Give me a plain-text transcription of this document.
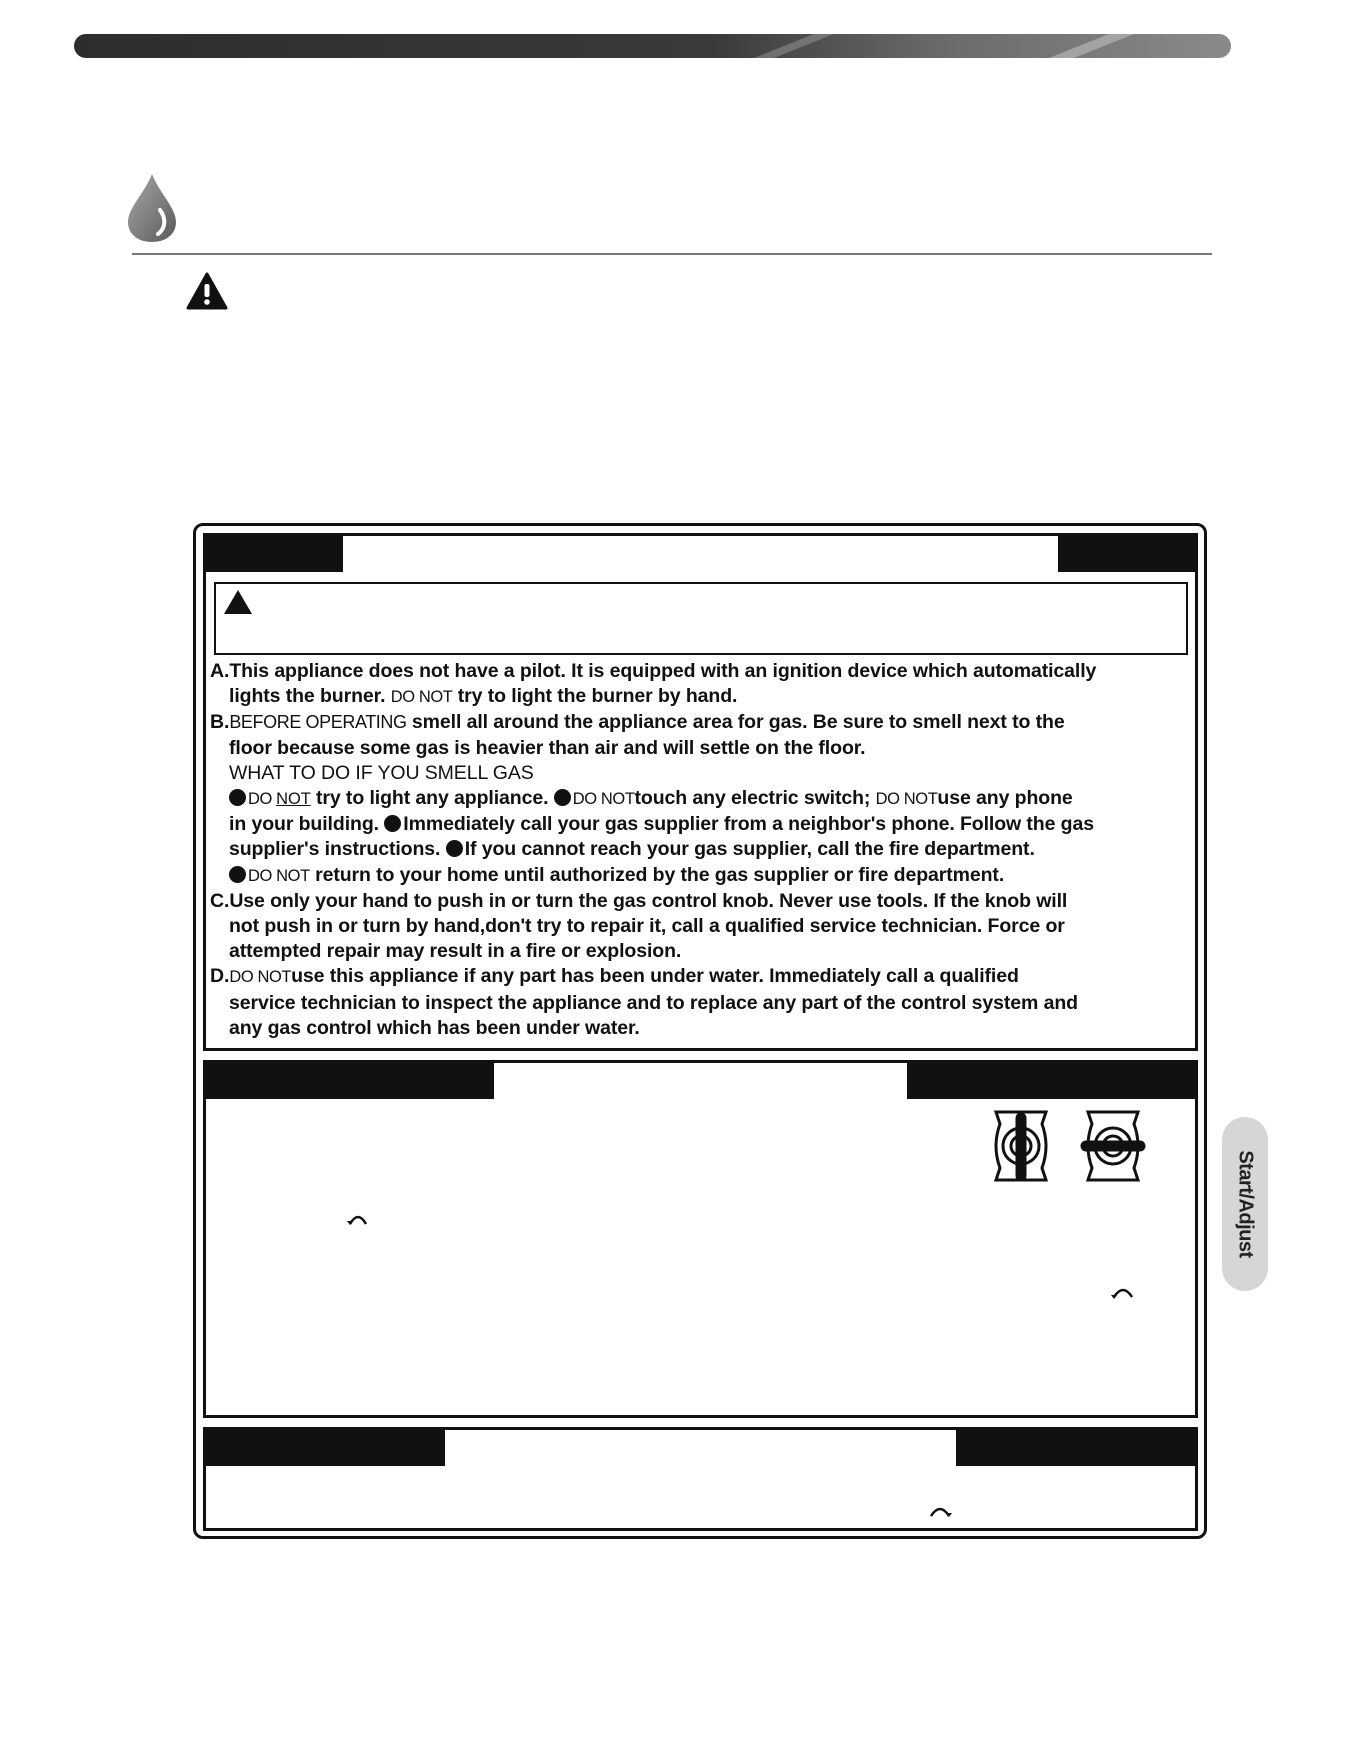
A.This appliance does not have a pilot. It is equipped with an ignition device which automatically
lights the burner. DO NOT try to light the burner by hand.
B.BEFORE OPERATING smell all around the appliance area for gas. Be sure to smell next to the
floor because some gas is heavier than air and will settle on the floor.
WHAT TO DO IF YOU SMELL GAS
DO NOT try to light any appliance. DO NOTtouch any electric switch; DO NOTuse any phone
in your building. Immediately call your gas supplier from a neighbor's phone. Follow the gas
supplier's instructions. If you cannot reach your gas supplier, call the fire department.
DO NOT return to your home until authorized by the gas supplier or fire department.
C.Use only your hand to push in or turn the gas control knob. Never use tools. If the knob will
not push in or turn by hand,don't try to repair it, call a qualified service technician. Force or
attempted repair may result in a fire or explosion.
D.DO NOTuse this appliance if any part has been under water. Immediately call a qualified
service technician to inspect the appliance and to replace any part of the control system and
any gas control which has been under water.
Start/Adjust
